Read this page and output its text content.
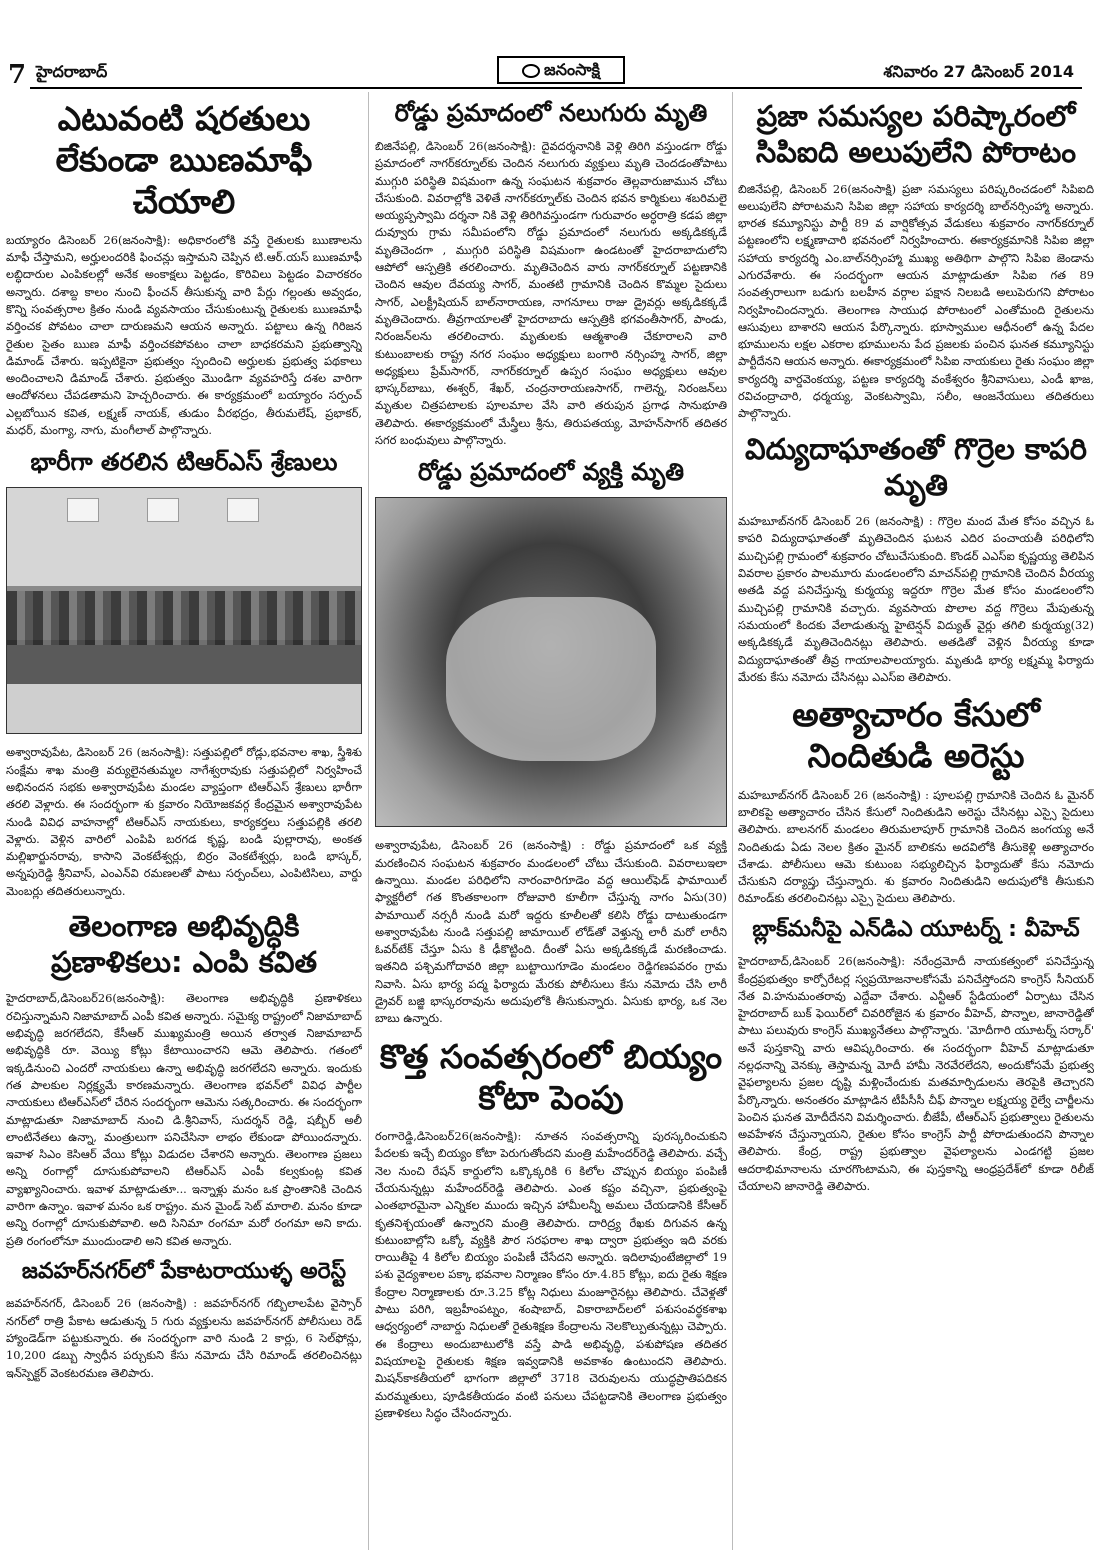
7 హైదరాబాద్	జనంసాక్షి	శనివారం 27 డిసెంబర్ 2014
ఎటువంటి షరతులు లేకుండా ఋణమాఫీ చేయాలి

బయ్యారం డిసెంబర్ 26(జనంసాక్షి): అధికారంలోకి వస్తే రైతులకు ఋణాలను మాఫీ చేస్తామని, అర్హులందరికి ఫించన్లు ఇస్తామని చెప్పిన టి.ఆర్.యస్ ఋణమాఫీ లబ్ధిదారుల ఎంపికలల్లో అనేక అంకాక్షలు పెట్టడం, కొరివిలు పెట్టడం విచారకరం అన్నారు. దశాబ్ద కాలం నుంచి ఫీంచన్ తీసుకున్న వారి పేర్లు గల్లంతు అవ్వడం, కొన్ని సంవత్సరాల క్రితం నుండి వ్యవసాయం చేసుకుంటున్న రైతులకు ఋణమాఫీ వర్తించక పోవటం చాలా దారుణమని ఆయన అన్నారు. పట్టాలు ఉన్న గిరిజన రైతుల సైతం ఋణ మాఫీ వర్తించకపోవటం చాలా బాధకరమని ప్రభుత్వాన్ని డిమాండ్ చేశారు. ఇప్పటికైనా ప్రభుత్వం స్పందించి అర్హులకు ప్రభుత్వ పథకాలు అందించాలని డిమాండ్ చేశారు. ప్రభుత్వం మొండిగా వ్యవహరిస్తే దశల వారిగా ఆందోళనలు చేపడతామని హెచ్చరించారు. ఈ కార్యక్రమంలో బయ్యారం సర్పంచ్ ఎల్లబోయిన కవిత, లక్ష్మణ్ నాయక్, తుడుం వీరభద్రం, తీరుమలేష్, ప్రభాకర్, మధర్, మంగ్యా, నాగు, మంగీలాల్ పాల్గొన్నారు.

భారీగా తరలిన టిఆర్ఎస్ శ్రేణులు

అశ్వారావుపేట, డిసెంబర్ 26 (జనంసాక్షి): సత్తుపల్లిలో రోడ్లు,భవనాల శాఖ, స్త్రీశిశు సంక్షేమ శాఖ మంత్రి వర్యులైనతుమ్మల నాగేశ్వరావుకు సత్తుపల్లిలో నిర్వహించే అభినందన సభకు అశ్వారావుపేట మండల వ్యాప్తంగా టిఆర్ఎస్ శ్రేణులు భారీగా తరలి వెళ్లారు. ఈ సందర్భంగా శు క్రవారం నియోజకవర్గ కేంద్రమైన అశ్వారావుపేట నుండి వివిధ వాహనాల్లో టిఆర్ఎస్ నాయకులు, కార్యకర్తలు సత్తుపల్లికి తరలి వెళ్లారు. వెళ్లిన వారిలో ఎంపిపి బరగడ కృష్ణ, బండి పుల్లారావు, అంకత మల్లిఖార్జునరావు, కాసాని వెంకటేశ్వర్లు, బిర్రం వెంకటేశ్వర్లు, బండి భాస్కర్, అన్నపురెడ్డి శ్రీనివాస్, ఎంఎన్‌వి రమణలతో పాటు సర్పంచ్‌లు, ఎంపిటిసిలు, వార్డు మెంబర్లు తదితరులున్నారు.

తెలంగాణ అభివృద్ధికి ప్రణాళికలు: ఎంపి కవిత

హైదరాబాద్,డిసెంబర్26(జనంసాక్షి): తెలంగాణ అభివృద్ధికి ప్రణాళికలు రచిస్తున్నామని నిజామాబాద్ ఎంపీ కవిత అన్నారు. సమైక్య రాష్ట్రంలో నిజామాబాద్ అభివృద్ధి జరగలేదని, కేసీఆర్ ముఖ్యమంత్రి అయిన తర్వాత నిజామాబాద్ అభివృద్ధికి రూ. వెయ్యి కోట్లు కేటాయించారని ఆమె తెలిపారు. గతంలో ఇక్కడినుంచి ఎందరో నాయకులు ఉన్నా అభివృద్ధి జరగలేదని అన్నారు. ఇందుకు గత పాలకుల నిర్లక్ష్యమే కారణమన్నారు. తెలంగాణ భవన్‌లో వివిధ పార్టీల నాయకులు టిఆర్ఎస్‌లో చేరిన సందర్భంగా ఆమెను సత్కరించారు. ఈ సందర్భంగా మాట్లాడుతూ నిజామాబాద్ నుంచి డి.శ్రీనివాస్, సుదర్శన్ రెడ్డి, షబ్బీర్ అలీ లాంటినేతలు ఉన్నా, మంత్రులుగా పనిచేసినా లాభం లేకుండా పోయిందన్నారు. ఇవాళ సిఎం కెసిఆర్ వేయి కోట్లు విడుదల చేశారని అన్నారు. తెలంగాణ ప్రజలు అన్ని రంగాల్లో దూసుకుపోవాలని టిఆర్ఎస్ ఎంపీ కల్వకుంట్ల కవిత వ్యాఖ్యానించారు. ఇవాళ మాట్లాడుతూ... ఇన్నాళ్లు మనం ఒక ప్రాంతానికి చెందిన వారిగా ఉన్నాం. ఇవాళ మనం ఒక రాష్ట్రం. మన మైండ్ సెట్ మారాలి. మనం కూడా అన్ని రంగాల్లో దూసుకుపోవాలి. అది సినిమా రంగమా మరో రంగమా అని కాదు. ప్రతి రంగంలోనూ ముందుండాలి అని కవిత అన్నారు.

జవహర్‌నగర్‌లో పేకాటరాయుళ్ళ అరెస్ట్

జవహర్‌నగర్, డిసెంబర్ 26 (జనంసాక్షి) : జవహర్‌నగర్ గబ్బిలాలపేట వైస్సార్ నగర్‌లో రాత్రి పేకాట ఆడుతున్న 5 గురు వ్యక్తులను జవహర్‌నగర్ పోలీసులు రెడ్ హ్యాండెడ్‌గా పట్టుకున్నారు. ఈ సందర్భంగా వారి నుండి 2 కార్లు, 6 సెల్‌ఫోన్లు, 10,200 డబ్బు స్వాధీన పర్చుకుని కేసు నమోదు చేసి రిమాండ్ తరలించినట్లు ఇన్‌స్పెక్టర్ వెంకటరమణ తెలిపారు.

రోడ్డు ప్రమాదంలో నలుగురు మృతి

బిజినేపల్లి, డిసెంబర్ 26(జనంసాక్షి): దైవదర్శనానికి వెళ్లి తిరిగి వస్తుండగా రోడ్డు ప్రమాదంలో నాగర్‌కర్నూల్‌కు చెందిన నలుగురు వ్యక్తులు మృతి చెందడంతోపాటు ముగ్గురి పరిస్థితి విషమంగా ఉన్న సంఘటన శుక్రవారం తెల్లవారుజామున చోటు చేసుకుంది. వివరాల్లోకి వెళితే నాగర్‌కర్నూల్‌కు చెందిన భవన కార్మికులు శబరిమలై అయ్యప్పస్వామి దర్శనా నికి వెళ్లి తిరిగివస్తుండగా గురువారం అర్ధరాత్రి కడప జిల్లా దువ్వూరు గ్రామ సమీపంలోని రోడ్డు ప్రమాదంలో నలుగురు అక్కడికక్కడే మృతిచెందగా , ముగ్గురి పరిస్థితి విషమంగా ఉండటంతో హైదరాబాదులోని ఆపోలో ఆస్పత్రికి తరలించారు. మృతిచెందిన వారు నాగర్‌కర్నూల్ పట్టణానికి చెందిన ఆవుల దేవయ్య సాగర్, మంతటి గ్రామానికి చెందిన కొమ్మల సైదులు సాగర్, ఎలక్ట్రీషియన్ బాల్‌నారాయణ, నాగనూలు రాజు డ్రైవర్లు అక్కడికక్కడే మృతిచెందారు. తీవ్రగాయాలతో హైదరాబాదు ఆస్పత్రికి భగవంతీసాగర్, పాండు, నిరంజన్‌లను తరలించారు. మృతులకు ఆత్మశాంతి చేకూరాలని వారి కుటుంబాలకు రాష్ట్ర నగర సంఘం అధ్యక్షులు బంగారి నర్సింహ్మ సాగర్, జిల్లా అధ్యక్షులు ప్రేమ్‌సాగర్, నాగర్‌కర్నూల్ ఉప్పర సంఘం అధ్యక్షులు ఆవుల భాస్కర్‌బాబు, ఈశ్వర్, శేఖర్, చంద్రనారాయణసాగర్, గాలెన్న, నిరంజన్‌లు మృతుల చిత్రపటాలకు పూలమాల వేసి వారి తరుపున ప్రగాఢ సానుభూతి తెలిపారు. ఈకార్యక్రమంలో మేస్త్రీలు శ్రీను, తిరుపతయ్య, మోహన్‌సాగర్ తదితర సగర బంధువులు పాల్గొన్నారు.

రోడ్డు ప్రమాదంలో వ్యక్తి మృతి

అశ్వారావుపేట, డిసెంబర్ 26 (జనంసాక్షి) : రోడ్డు ప్రమాదంలో ఒక వ్యక్తి మరణించిన సంఘటన శుక్రవారం మండలంలో చోటు చేసుకుంది. వివరాలుఇలా ఉన్నాయి. మండల పరిధిలోని నారంవారిగూడెం వద్ద ఆయిల్‌ఫెడ్ ఫామాయిల్ ఫ్యాక్టరీలో గత కొంతకాలంగా రోజువారి కూలీగా చేస్తున్న నాగం ఏసు(30) పామాయిల్ నర్సరీ నుండి మరో ఇద్దరు కూలీలతో కలిసి రోడ్డు దాటుతుండగా అశ్వారావుపేట నుండి సత్తుపల్లి జామాయిల్ లోడ్‌తో వెళ్తున్న లారీ మరో లారీని ఓవర్‌టేక్ చేస్తూ ఏసు కి ఢీకొట్టింది. దీంతో ఏసు అక్కడికక్కడే మరణించాడు. ఇతనిది పశ్చిమగోదావరి జిల్లా బుట్టాయిగూడెం మండలం రెడ్డిగణపవరం గ్రామ నివాసి. ఏసు భార్య పద్మ ఫిర్యాదు మేరకు పోలీసులు కేసు నమోదు చేసి లారీ డ్రైవర్ బజ్జి భాస్కరరావును అదుపులోకి తీసుకున్నారు. ఏసుకు భార్య, ఒక నెల బాబు ఉన్నారు.

కొత్త సంవత్సరంలో బియ్యం కోటా పెంపు

రంగారెడ్డి,డిసెంబర్26(జనంసాక్షి): నూతన సంవత్సరాన్ని పురస్కరించుకుని పేదలకు ఇచ్చే బియ్యం కోటా పెరుగుతోందని మంత్రి మహేందర్‌రెడ్డి తెలిపారు. వచ్చే నెల నుంచి రేషన్ కార్డులోని ఒక్కొక్కరికి 6 కిలోల చొప్పున బియ్యం పంపిణీ చేయనున్నట్లు మహేందర్‌రెడ్డి తెలిపారు. ఎంత కష్టం వచ్చినా, ప్రభుత్వంపై ఎంతభారమైనా ఎన్నికల ముందు ఇచ్చిన హామీలన్నీ అమలు చేయడానికి కేసీఆర్ కృతనిశ్చయంతో ఉన్నారని మంత్రి తెలిపారు. దారిద్ర్య రేఖకు దిగువన ఉన్న కుటుంబాల్లోని ఒక్కో వ్యక్తికి పౌర సరఫరాల శాఖ ద్వారా ప్రభుత్వం ఇది వరకు రాయితీపై 4 కిలోల బియ్యం పంపిణీ చేసేదని అన్నారు. ఇదిలావుంటేజిల్లాలో 19 పశు వైద్యశాలల పక్కా భవనాల నిర్మాణం కోసం రూ.4.85 కోట్లు, ఐదు రైతు శిక్షణ కేంద్రాల నిర్మాణాలకు రూ.3.25 కోట్ల నిధులు మంజూరైనట్లు తెలిపారు. చేవెళ్లతో పాటు పరిగి, ఇబ్రహీంపట్నం, శంషాబాద్, వికారాబాద్‌లలో పశుసంవర్థకశాఖ ఆధ్వర్యంలో నాబార్డు నిధులతో రైతుశిక్షణ కేంద్రాలను నెలకొల్పుతున్నట్లు చెప్పారు. ఈ కేంద్రాలు అందుబాటులోకి వస్తే పాడి అభివృద్ధి, పశుపోషణ తదితర విషయాలపై రైతులకు శిక్షణ ఇవ్వడానికి అవకాశం ఉంటుందని తెలిపారు. మిషన్‌కాకతీయలో భాగంగా జిల్లాలో 3718 చెరువులను యుద్ధప్రాతిపదికన మరమ్మతులు, పూడికతీయడం వంటి పనులు చేపట్టడానికి తెలంగాణ ప్రభుత్వం ప్రణాళికలు సిద్ధం చేసిందన్నారు.

ప్రజా సమస్యల పరిష్కారంలో సిపిఐది అలుపులేని పోరాటం

బిజినేపల్లి, డిసెంబర్ 26(జనంసాక్షి) ప్రజా సమస్యలు పరిష్కరించడంలో సిపిఐది అలుపులేని పోరాటమని సిపిఐ జిల్లా సహాయ కార్యదర్శి బాల్‌నర్సింహ్మా అన్నారు. భారత కమ్యూనిస్టు పార్టీ 89 వ వార్షికోత్సవ వేడుకలు శుక్రవారం నాగర్‌కర్నూల్ పట్టణంలోని లక్ష్మణాచారి భవనంలో నిర్వహించారు. ఈకార్యక్రమానికి సిపిఐ జిల్లా సహాయ కార్యదర్శి ఎం.బాల్‌నర్సింహ్మా ముఖ్య అతిథిగా పాల్గొని సిపిఐ జెండాను ఎగురవేశారు. ఈ సందర్భంగా ఆయన మాట్లాడుతూ సిపిఐ గత 89 సంవత్సరాలుగా బడుగు బలహీన వర్గాల పక్షాన నిలబడి అలుపెరుగని పోరాటం నిర్వహించిందన్నారు. తెలంగాణ సాయుధ పోరాటంలో ఎంతోమంది రైతులను ఆసువులు బాశారని ఆయన పేర్కొన్నారు. భూస్వాముల ఆధీనంలో ఉన్న పేదల భూములను లక్షల ఎకరాల భూములను పేద ప్రజలకు పంచిన ఘనత కమ్యూనిస్టు పార్టీదేనని ఆయన అన్నారు. ఈకార్యక్రమంలో సిపిఐ నాయకులు రైతు సంఘం జిల్లా కార్యదర్శి వార్డవెంకయ్య, పట్టణ కార్యదర్శి వంకేశ్వరం శ్రీనివాసులు, ఎండీ ఖాజ, రవిచంద్రాచారి, ధర్మయ్య, వెంకటస్వామి, సలీం, ఆంజనేయులు తదితరులు పాల్గొన్నారు.

విద్యుదాఘాతంతో గొర్రెల కాపరి మృతి

మహబూబ్‌నగర్ డిసెంబర్ 26 (జనంసాక్షి) : గొర్రెల మంద మేత కోసం వచ్చిన ఓ కాపరి విద్యుదాఘాతంతో మృతిచెందిన ఘటన ఎదిర పంచాయతీ పరిధిలోని ముచ్చిపల్లి గ్రామంలో శుక్రవారం చోటుచేసుకుంది. కొండర్ ఎఎస్‌ఐ కృష్ణయ్య తెలిపిన వివరాల ప్రకారం పాలమూరు మండలంలోని మాచన్‌పల్లి గ్రామానికి చెందిన వీరయ్య అతడి వద్ద పనిచేస్తున్న కుర్మయ్య ఇద్దరూ గొర్రెల మేత కోసం మండలంలోని ముచ్చిపల్లి గ్రామానికి వచ్చారు. వ్యవసాయ పొలాల వద్ద గొర్రెలు మేపుతున్న సమయంలో కిందకు వేలాడుతున్న హైటెన్షన్ విద్యుత్ వైర్లు తగిలి కుర్మయ్య(32) అక్కడికక్కడే మృతిచెందినట్లు తెలిపారు. అతడితో వెళ్లిన వీరయ్య కూడా విద్యుదాఘాతంతో తీవ్ర గాయాలపాలయ్యారు. మృతుడి భార్య లక్ష్మమ్మ ఫిర్యాదు మేరకు కేసు నమోదు చేసినట్లు ఎఎస్‌ఐ తెలిపారు.

అత్యాచారం కేసులో నిందితుడి అరెస్టు

మహబూబ్‌నగర్ డిసెంబర్ 26 (జనంసాక్షి) : పూలపల్లి గ్రామానికి చెందిన ఓ మైనర్ బాలికపై అత్యాచారం చేసిన కేసులో నిందితుడిని అరెస్టు చేసినట్లు ఎస్సై సైదులు తెలిపారు. బాలనగర్ మండలం తిరుమలాపూర్ గ్రామానికి చెందిన జంగయ్య అనే నిందితుడు ఏడు నెలల క్రితం మైనర్ బాలికను అదవిలోకి తీసుకెళ్లి అత్యాచారం చేశాడు. పోలీసులు ఆమె కుటుంబ సభ్యులిచ్చిన ఫిర్యాదుతో కేసు నమోదు చేసుకుని దర్యాప్తు చేస్తున్నారు. శు క్రవారం నిందితుడిని అదుపులోకి తీసుకుని రిమాండ్‌కు తరలించినట్లు ఎస్సై సైదులు తెలిపారు.

బ్లాక్‌మనీపై ఎన్‌డిఎ యూటర్న్ : వీహెచ్

హైదరాబాద్,డిసెంబర్ 26(జనంసాక్షి): నరేంద్రమోదీ నాయకత్వంలో పనిచేస్తున్న కేంద్రప్రభుత్వం కార్పోరేటర్ల స్వప్రయోజనాలకోసమే పనిచేస్తోందని కాంగ్రెస్ సీనియర్ నేత వి.హనుమంతరావు ఎద్దేవా చేశారు. ఎన్టీఆర్ స్టేడియంలో ఏర్పాటు చేసిన హైదరాబాద్ బుక్ ఫెయిర్‌లో చివరిరోజైన శు క్రవారం వీహెచ్, పొన్నాల, జానారెడ్డితో పాటు పలువురు కాంగ్రెస్ ముఖ్యనేతలు పాల్గొన్నారు. 'మోదీగారి యూటర్న్ సర్కార్' అనే పుస్తకాన్ని వారు ఆవిష్కరించారు. ఈ సందర్భంగా వీహెచ్ మాట్లాడుతూ నల్లధనాన్ని వెనక్కు తెస్తామన్న మోదీ హామీ నెరవేరలేదని, అందుకోసమే ప్రభుత్వ వైఫల్యాలను ప్రజల దృష్టి మళ్లించేందుకు మతమార్పిడులను తెరపైకి తెచ్చారని పేర్కొన్నారు. అనంతరం మాట్లాడిన టీపీసీసీ చీఫ్ పొన్నాల లక్ష్మయ్య రైల్వే చార్జీలను పెంచిన ఘనత మోదీదేనని విమర్శించారు. బీజేపీ, టీఆర్ఎస్ ప్రభుత్వాలు రైతులను అవహేళన చేస్తున్నాయని, రైతుల కోసం కాంగ్రెస్ పార్టీ పోరాడుతుందని పొన్నాల తెలిపారు. కేంద్ర, రాష్ట్ర ప్రభుత్వాల వైఫల్యాలను ఎండగట్టి ప్రజల ఆదరాభిమానాలను చూరగొంటామని, ఈ పుస్తకాన్ని ఆంధ్రప్రదేశ్‌లో కూడా రిలీజ్ చేయాలని జానారెడ్డి తెలిపారు.
